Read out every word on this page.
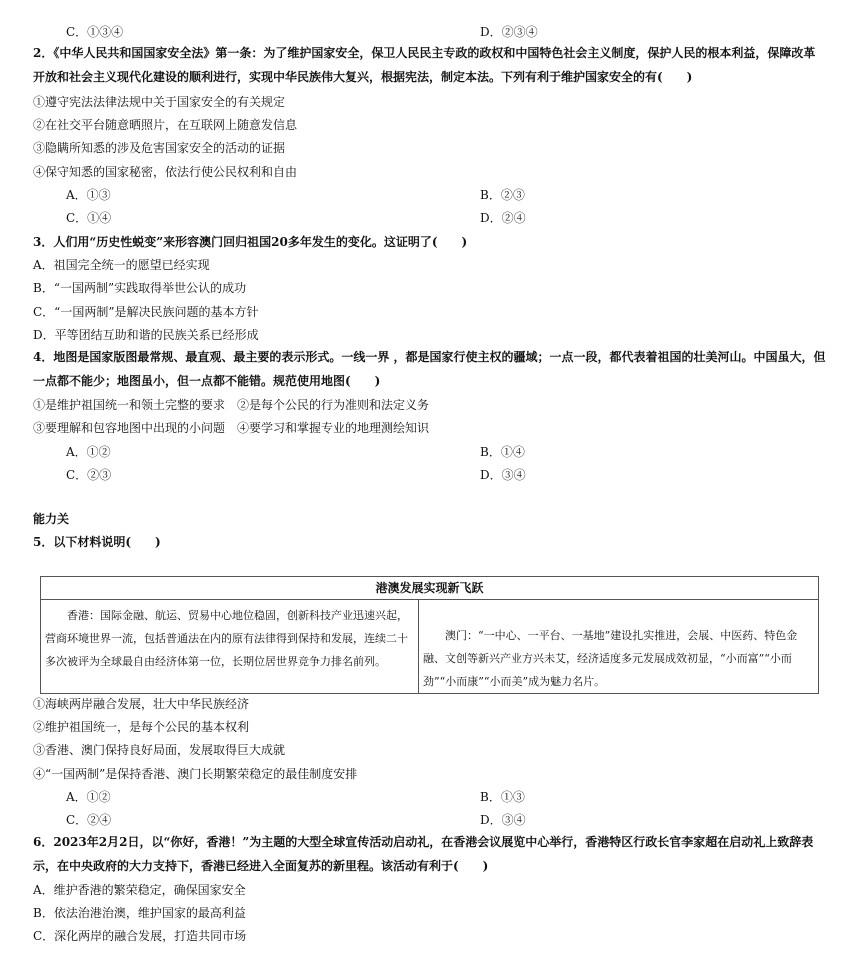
C．①③④	D．②③④
2．《中华人民共和国国家安全法》第一条：为了维护国家安全，保卫人民民主专政的政权和中国特色社会主义制度，保护人民的根本利益，保障改革开放和社会主义现代化建设的顺利进行，实现中华民族伟大复兴，根据宪法，制定本法。下列有利于维护国家安全的有(　　)
①遵守宪法法律法规中关于国家安全的有关规定
②在社交平台随意晒照片，在互联网上随意发信息
③隐瞒所知悉的涉及危害国家安全的活动的证据
④保守知悉的国家秘密，依法行使公民权利和自由
A．①③	B．②③
C．①④	D．②④
3．人们用“历史性蜕变”来形容澳门回归祖国20多年发生的变化。这证明了(　　)
A．祖国完全统一的愿望已经实现
B．“一国两制”实践取得举世公认的成功
C．“一国两制”是解决民族问题的基本方针
D．平等团结互助和谐的民族关系已经形成
4．地图是国家版图最常规、最直观、最主要的表示形式。一线一界 ，都是国家行使主权的疆域；一点一段，都代表着祖国的壮美河山。中国虽大，但一点都不能少；地图虽小，但一点都不能错。规范使用地图(　　)
①是维护祖国统一和领土完整的要求　②是每个公民的行为准则和法定义务
③要理解和包容地图中出现的小问题　④要学习和掌握专业的地理测绘知识
A．①②	B．①④
C．②③	D．③④
能力关
5．以下材料说明(　　)
港澳发展实现新飞跃
香港：国际金融、航运、贸易中心地位稳固，创新科技产业迅速兴起，营商环境世界一流，包括普通法在内的原有法律得到保持和发展，连续二十多次被评为全球最自由经济体第一位，长期位居世界竞争力排名前列。
澳门：“一中心、一平台、一基地”建设扎实推进，会展、中医药、特色金融、文创等新兴产业方兴未艾，经济适度多元发展成效初显，“小而富”“小而劲”“小而康”“小而美”成为魅力名片。
①海峡两岸融合发展，壮大中华民族经济
②维护祖国统一，是每个公民的基本权利
③香港、澳门保持良好局面，发展取得巨大成就
④“一国两制”是保持香港、澳门长期繁荣稳定的最佳制度安排
A．①②	B．①③
C．②④	D．③④
6．2023年2月2日，以“你好，香港！”为主题的大型全球宣传活动启动礼，在香港会议展览中心举行，香港特区行政长官李家超在启动礼上致辞表示，在中央政府的大力支持下，香港已经进入全面复苏的新里程。该活动有利于(　　)
A．维护香港的繁荣稳定，确保国家安全
B．依法治港治澳，维护国家的最高利益
C．深化两岸的融合发展，打造共同市场
